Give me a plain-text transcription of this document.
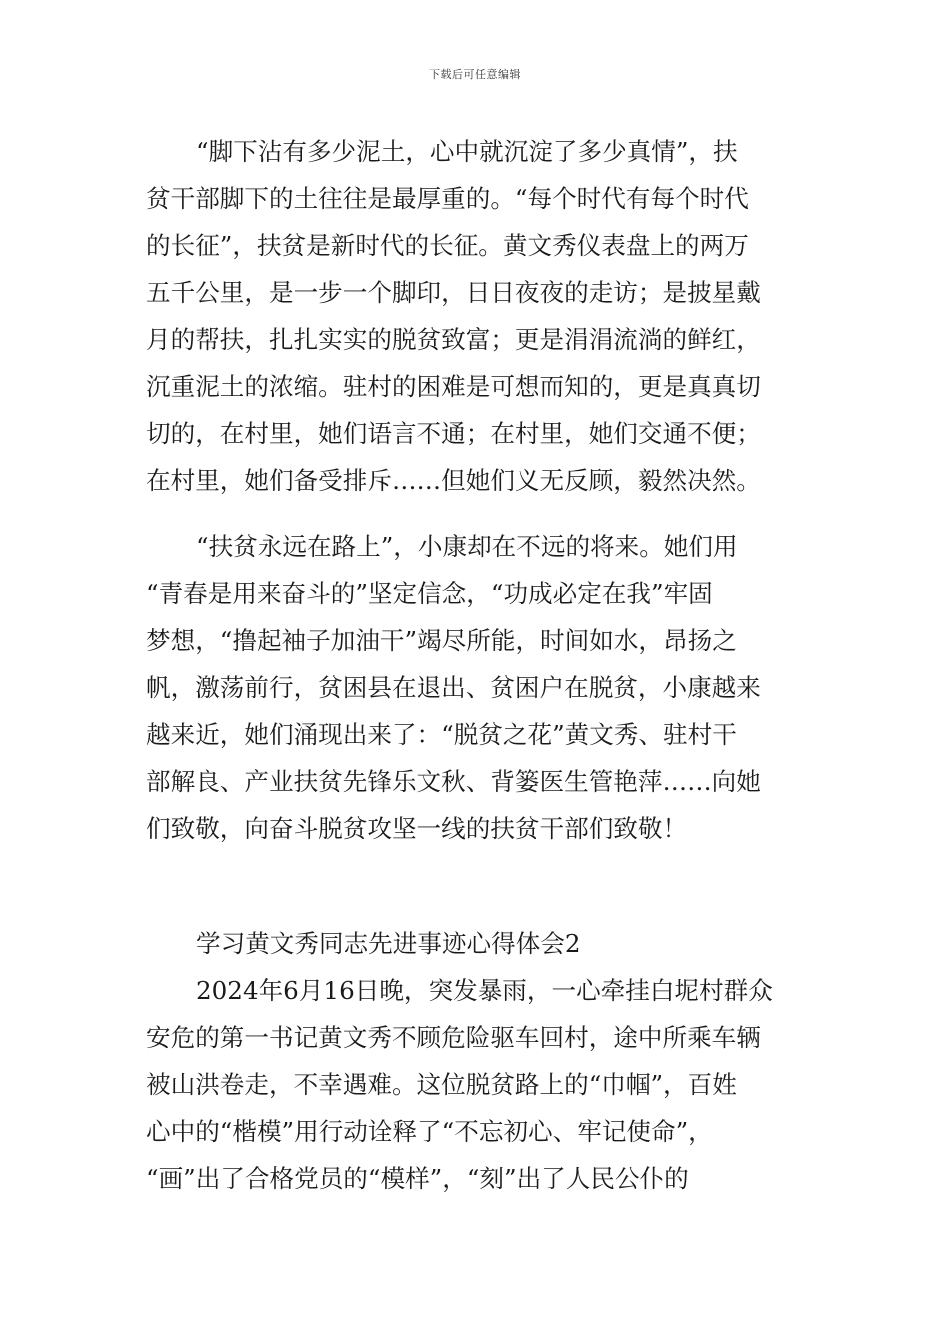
下载后可任意编辑
“脚下沾有多少泥土，心中就沉淀了多少真情”，扶
贫干部脚下的土往往是最厚重的。“每个时代有每个时代
的长征”，扶贫是新时代的长征。黄文秀仪表盘上的两万
五千公里，是一步一个脚印，日日夜夜的走访；是披星戴
月的帮扶，扎扎实实的脱贫致富；更是涓涓流淌的鲜红，
沉重泥土的浓缩。驻村的困难是可想而知的，更是真真切
切的，在村里，她们语言不通；在村里，她们交通不便；
在村里，她们备受排斥……但她们义无反顾，毅然决然。
“扶贫永远在路上”，小康却在不远的将来。她们用
“青春是用来奋斗的”坚定信念，“功成必定在我”牢固
梦想，“撸起袖子加油干”竭尽所能，时间如水，昂扬之
帆，激荡前行，贫困县在退出、贫困户在脱贫，小康越来
越来近，她们涌现出来了：“脱贫之花”黄文秀、驻村干
部解良、产业扶贫先锋乐文秋、背篓医生管艳萍……向她
们致敬，向奋斗脱贫攻坚一线的扶贫干部们致敬！
学习黄文秀同志先进事迹心得体会2
2024年6月16日晚，突发暴雨，一心牵挂白坭村群众
安危的第一书记黄文秀不顾危险驱车回村，途中所乘车辆
被山洪卷走，不幸遇难。这位脱贫路上的“巾帼”，百姓
心中的“楷模”用行动诠释了“不忘初心、牢记使命”，
“画”出了合格党员的“模样”，“刻”出了人民公仆的
